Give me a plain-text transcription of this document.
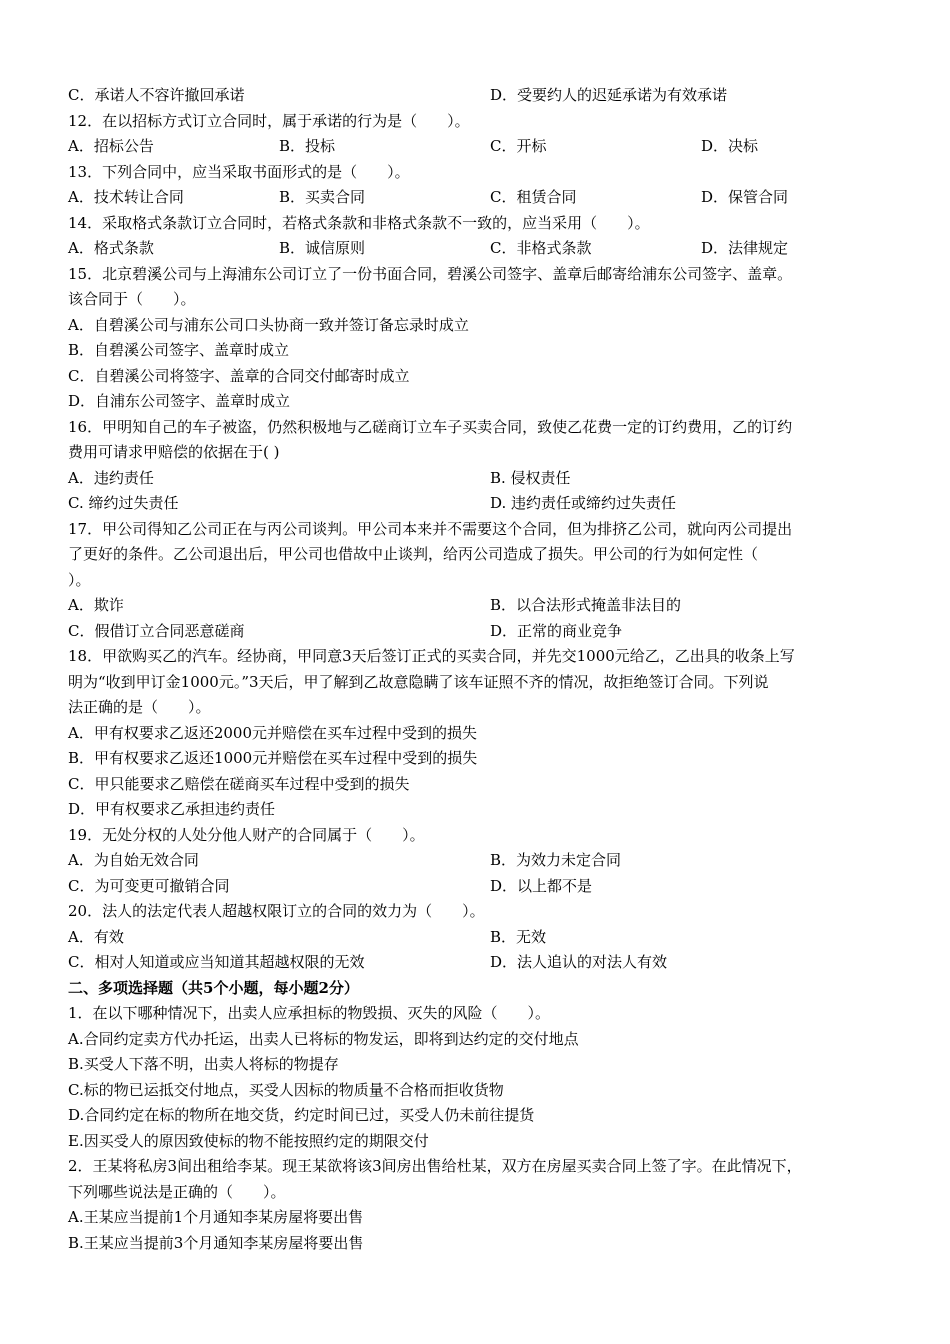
C．承诺人不容许撤回承诺	D．受要约人的迟延承诺为有效承诺
12．在以招标方式订立合同时，属于承诺的行为是（　　）。
A．招标公告	B．投标	C．开标	D．决标
13．下列合同中，应当采取书面形式的是（　　）。
A．技术转让合同	B．买卖合同	C．租赁合同	D．保管合同
14．采取格式条款订立合同时，若格式条款和非格式条款不一致的，应当采用（　　）。
A．格式条款	B．诚信原则	C．非格式条款	D．法律规定
15．北京碧溪公司与上海浦东公司订立了一份书面合同，碧溪公司签字、盖章后邮寄给浦东公司签字、盖章。
该合同于（　　）。
A．自碧溪公司与浦东公司口头协商一致并签订备忘录时成立
B．自碧溪公司签字、盖章时成立
C．自碧溪公司将签字、盖章的合同交付邮寄时成立
D．自浦东公司签字、盖章时成立
16．甲明知自己的车子被盗，仍然积极地与乙磋商订立车子买卖合同，致使乙花费一定的订约费用，乙的订约
费用可请求甲赔偿的依据在于( )
A．违约责任	B. 侵权责任
C. 缔约过失责任	D. 违约责任或缔约过失责任
17．甲公司得知乙公司正在与丙公司谈判。甲公司本来并不需要这个合同，但为排挤乙公司，就向丙公司提出
了更好的条件。乙公司退出后，甲公司也借故中止谈判，给丙公司造成了损失。甲公司的行为如何定性（
）。
A．欺诈	B．以合法形式掩盖非法目的
C．假借订立合同恶意磋商	D．正常的商业竞争
18．甲欲购买乙的汽车。经协商，甲同意3天后签订正式的买卖合同，并先交1000元给乙，乙出具的收条上写
明为“收到甲订金1000元。”3天后，甲了解到乙故意隐瞒了该车证照不齐的情况，故拒绝签订合同。下列说
法正确的是（　　）。
A．甲有权要求乙返还2000元并赔偿在买车过程中受到的损失
B．甲有权要求乙返还1000元并赔偿在买车过程中受到的损失
C．甲只能要求乙赔偿在磋商买车过程中受到的损失
D．甲有权要求乙承担违约责任
19．无处分权的人处分他人财产的合同属于（　　）。
A．为自始无效合同	B．为效力未定合同
C．为可变更可撤销合同	D．以上都不是
20．法人的法定代表人超越权限订立的合同的效力为（　　）。
A．有效	B．无效
C．相对人知道或应当知道其超越权限的无效	D．法人追认的对法人有效
二、多项选择题（共5个小题，每小题2分）
1．在以下哪种情况下，出卖人应承担标的物毁损、灭失的风险（　　）。
A.合同约定卖方代办托运，出卖人已将标的物发运，即将到达约定的交付地点
B.买受人下落不明，出卖人将标的物提存
C.标的物已运抵交付地点，买受人因标的物质量不合格而拒收货物
D.合同约定在标的物所在地交货，约定时间已过，买受人仍未前往提货
E.因买受人的原因致使标的物不能按照约定的期限交付
2．王某将私房3间出租给李某。现王某欲将该3间房出售给杜某，双方在房屋买卖合同上签了字。在此情况下，
下列哪些说法是正确的（　　）。
A.王某应当提前1个月通知李某房屋将要出售
B.王某应当提前3个月通知李某房屋将要出售
